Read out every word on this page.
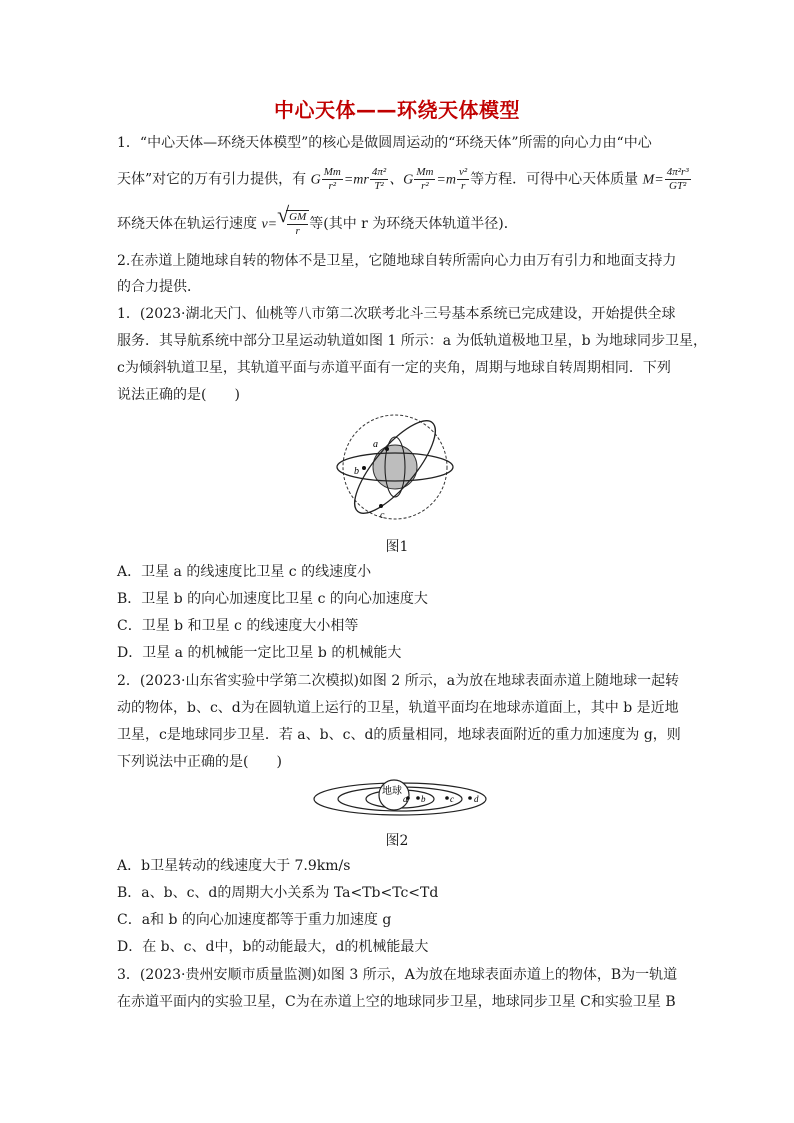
中心天体——环绕天体模型
1．“中心天体—环绕天体模型”的核心是做圆周运动的“环绕天体”所需的向心力由“中心
天体”对它的万有引力提供，有 G $\frac{Mm}{\text{r²}} =mr \frac{\text{4π²}}{\text{T²}}$ 、G $\frac{Mm}{\text{r²}} =m \frac{\text{v²}}{r}$ 等方程．可得中心天体质量 $M= \frac{\text{4π²r³}}{\text{GT²}}$
环绕天体在轨运行速度 v= √
$\frac{GM}{r}$ 等(其中 r 为环绕天体轨道半径)．
2.在赤道上随地球自转的物体不是卫星，它随地球自转所需向心力由万有引力和地面支持力
的合力提供．
1．(2023·湖北天门、仙桃等八市第二次联考北斗三号基本系统已完成建设，开始提供全球
服务．其导航系统中部分卫星运动轨道如图 1 所示：a 为低轨道极地卫星，b 为地球同步卫星，
c为倾斜轨道卫星，其轨道平面与赤道平面有一定的夹角，周期与地球自转周期相同．下列
说法正确的是(　　)
a
b
c
图1
A．卫星 a 的线速度比卫星 c 的线速度小
B．卫星 b 的向心加速度比卫星 c 的向心加速度大
C．卫星 b 和卫星 c 的线速度大小相等
D．卫星 a 的机械能一定比卫星 b 的机械能大
2．(2023·山东省实验中学第二次模拟)如图 2 所示，a为放在地球表面赤道上随地球一起转
动的物体，b、c、d为在圆轨道上运行的卫星，轨道平面均在地球赤道面上，其中 b 是近地
卫星，c是地球同步卫星．若 a、b、c、d的质量相同，地球表面附近的重力加速度为 g，则
下列说法中正确的是(　　)
地球
a b	c d
图2
A．b卫星转动的线速度大于 7.9km/s
B．a、b、c、d的周期大小关系为 Ta<Tb<Tc<Td
C．a和 b 的向心加速度都等于重力加速度 g
D．在 b、c、d中，b的动能最大，d的机械能最大
3．(2023·贵州安顺市质量监测)如图 3 所示，A为放在地球表面赤道上的物体，B为一轨道
在赤道平面内的实验卫星，C为在赤道上空的地球同步卫星，地球同步卫星 C和实验卫星 B
